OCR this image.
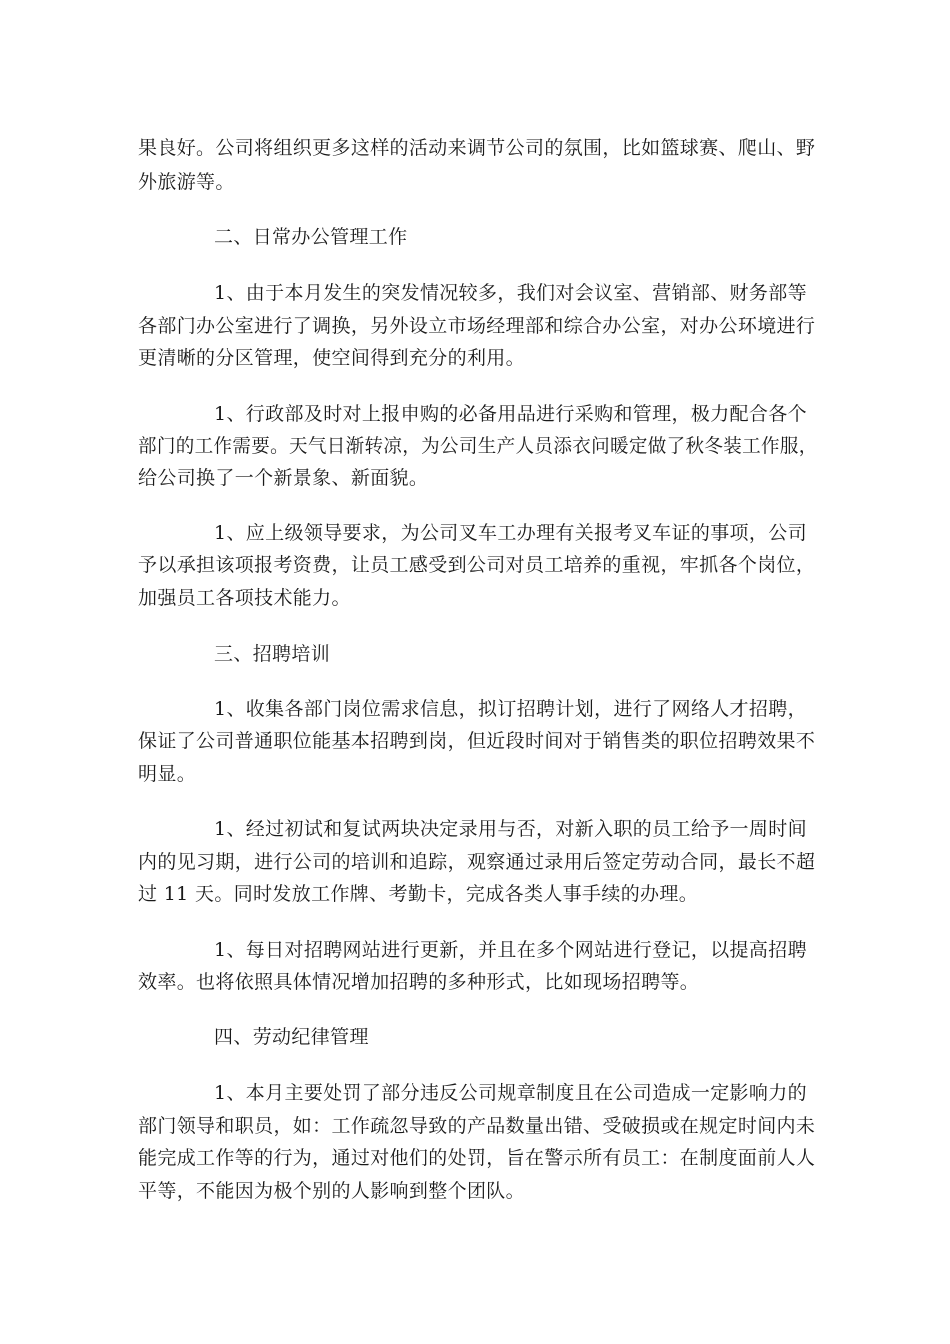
果良好。公司将组织更多这样的活动来调节公司的氛围，比如篮球赛、爬山、野
外旅游等。
二、日常办公管理工作
1、由于本月发生的突发情况较多，我们对会议室、营销部、财务部等
各部门办公室进行了调换，另外设立市场经理部和综合办公室，对办公环境进行
更清晰的分区管理，使空间得到充分的利用。
1、行政部及时对上报申购的必备用品进行采购和管理，极力配合各个
部门的工作需要。天气日渐转凉，为公司生产人员添衣问暖定做了秋冬装工作服，
给公司换了一个新景象、新面貌。
1、应上级领导要求，为公司叉车工办理有关报考叉车证的事项，公司
予以承担该项报考资费，让员工感受到公司对员工培养的重视，牢抓各个岗位，
加强员工各项技术能力。
三、招聘培训
1、收集各部门岗位需求信息，拟订招聘计划，进行了网络人才招聘，
保证了公司普通职位能基本招聘到岗，但近段时间对于销售类的职位招聘效果不
明显。
1、经过初试和复试两块决定录用与否，对新入职的员工给予一周时间
内的见习期，进行公司的培训和追踪，观察通过录用后签定劳动合同，最长不超
过 11 天。同时发放工作牌、考勤卡，完成各类人事手续的办理。
1、每日对招聘网站进行更新，并且在多个网站进行登记，以提高招聘
效率。也将依照具体情况增加招聘的多种形式，比如现场招聘等。
四、劳动纪律管理
1、本月主要处罚了部分违反公司规章制度且在公司造成一定影响力的
部门领导和职员，如：工作疏忽导致的产品数量出错、受破损或在规定时间内未
能完成工作等的行为，通过对他们的处罚，旨在警示所有员工：在制度面前人人
平等，不能因为极个别的人影响到整个团队。
